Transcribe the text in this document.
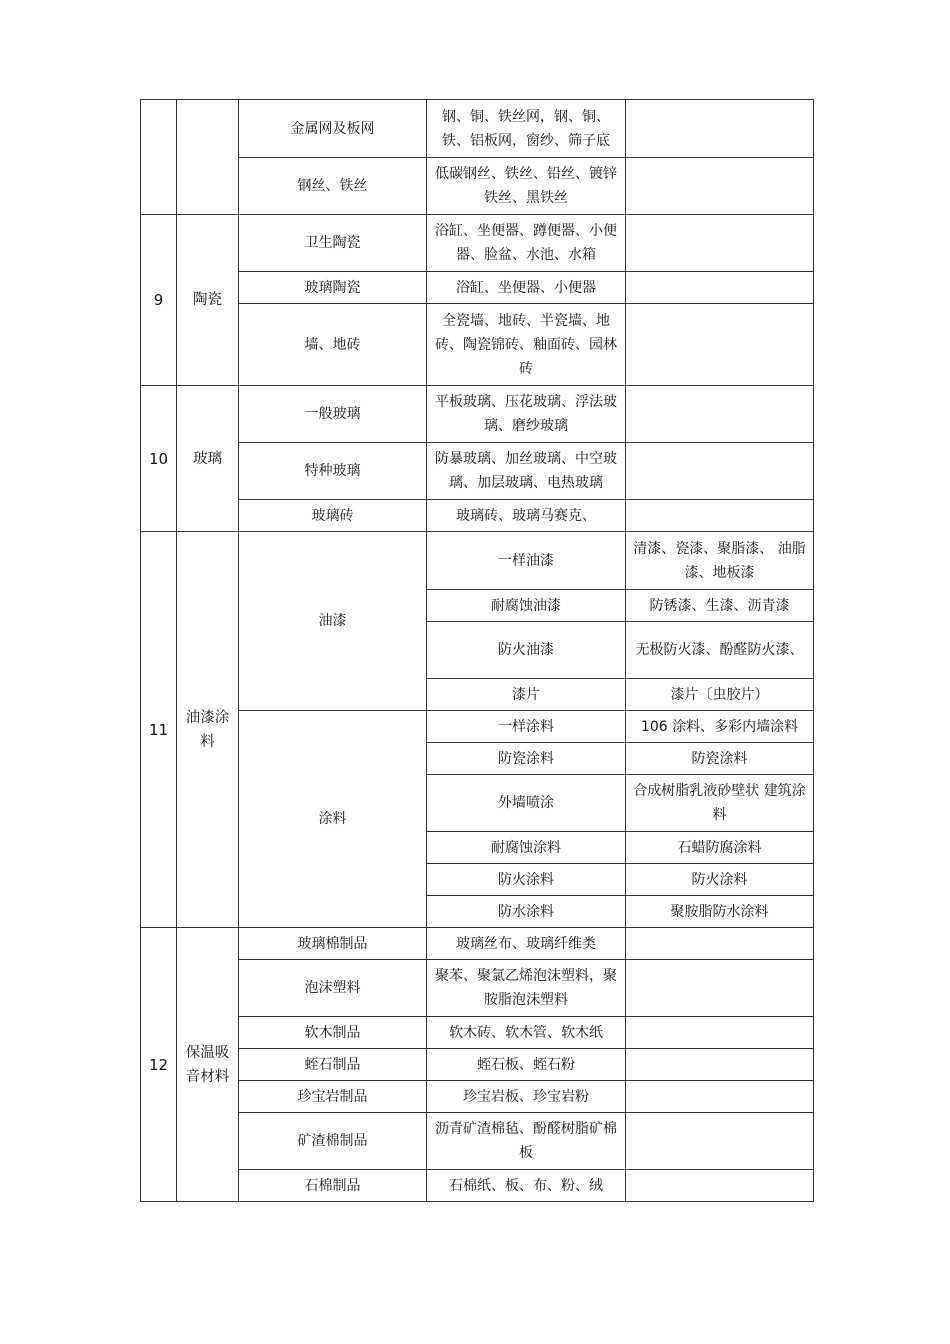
		金属网及板网	钢、铜、铁丝网，钢、铜、铁、铝板网，窗纱、筛子底	
		钢丝、铁丝	低碳钢丝、铁丝、铅丝、镀锌铁丝、黑铁丝	
9	陶瓷	卫生陶瓷	浴缸、坐便器、蹲便器、小便器、脸盆、水池、水箱	
		玻璃陶瓷	浴缸、坐便器、小便器	
		墙、地砖	全瓷墙、地砖、半瓷墙、地砖、陶瓷锦砖、釉面砖、园林砖	
10	玻璃	一般玻璃	平板玻璃、压花玻璃、浮法玻璃、磨纱玻璃	
		特种玻璃	防暴玻璃、加丝玻璃、中空玻璃、加层玻璃、电热玻璃	
		玻璃砖	玻璃砖、玻璃马赛克、	
11	油漆涂料	油漆	一样油漆	清漆、瓷漆、聚脂漆、 油脂漆、地板漆
			耐腐蚀油漆	防锈漆、生漆、沥青漆
			防火油漆	无极防火漆、酚醛防火漆、
			漆片	漆片〔虫胶片）
		涂料	一样涂料	106 涂料、多彩内墙涂料
			防瓷涂料	防瓷涂料
			外墙喷涂	合成树脂乳液砂壁状 建筑涂料
			耐腐蚀涂料	石蜡防腐涂料
			防火涂料	防火涂料
			防水涂料	聚胺脂防水涂料
12	保温吸音材料	玻璃棉制品	玻璃丝布、玻璃纤维类	
		泡沫塑料	聚苯、聚氯乙烯泡沫塑料，聚胺脂泡沫塑料	
		软木制品	软木砖、软木管、软木纸	
		蛭石制品	蛭石板、蛭石粉	
		珍宝岩制品	珍宝岩板、珍宝岩粉	
		矿渣棉制品	沥青矿渣棉毡、酚醛树脂矿棉板	
		石棉制品	石棉纸、板、布、粉、绒	
